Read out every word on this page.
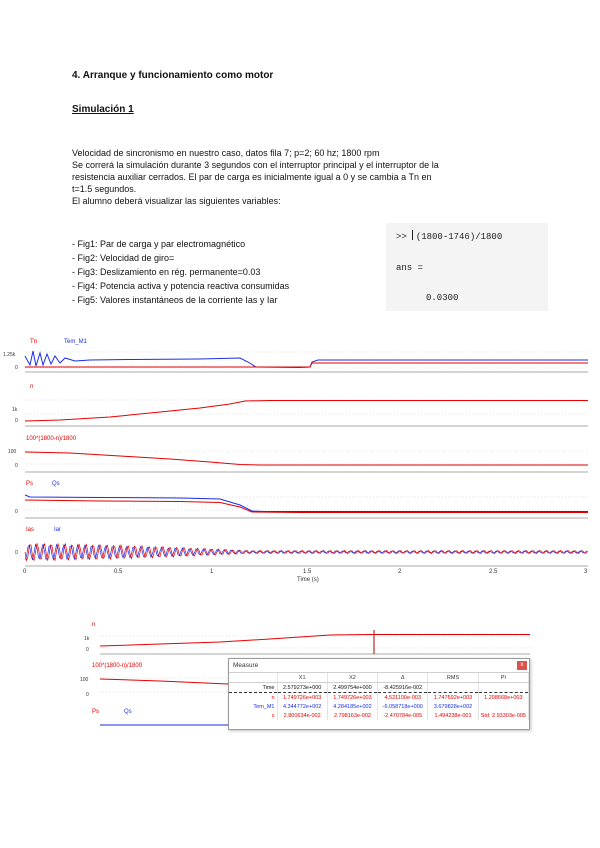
4. Arranque y funcionamiento como motor
Simulación 1
Velocidad de sincronismo en nuestro caso, datos fila 7; p=2; 60 hz; 1800 rpm
Se correrá la simulación durante 3 segundos con el interruptor principal y el interruptor de la
resistencia auxiliar cerrados. El par de carga es inicialmente igual a 0 y se cambia a Tn en
t=1.5 segundos.
El alumno deberá visualizar las siguientes variables:
- Fig1: Par de carga y par electromagnético
- Fig2: Velocidad de giro=
- Fig3: Deslizamiento en rég. permanente=0.03
- Fig4: Potencia activa y potencia reactiva consumidas
- Fig5: Valores instantáneos de la corriente Ias y Iar
>> (1800-1746)/1800
ans =
0.0300
Tn	Tem_M1
1.25k
0
n
1k
0
100*(1800-n)/1800
100
0
Ps	Qs
0
Ias	Iar
0
0	0.5	1	1.5	2	2.5	3
Time (s)
n
1k
0
100*(1800-n)/1800
100
0
Ps	Qs
Measure	x
	X1	X2	Δ	RMS	PI
Time	2.579273e+000	2.499754e+000	-8.425916e-002		
n	1.749726e+003	1.749726e+003	4.521100e-003	1.747592e+003	1.208668e+003
Tem_M1	4.344772e+002	4.284185e+002	-6.058718e+000	3.679828e+002	
s	2.800634e-002	2.798163e-002	-2.470784e-005	1.494238e-001	Std: 2.93303e-005
